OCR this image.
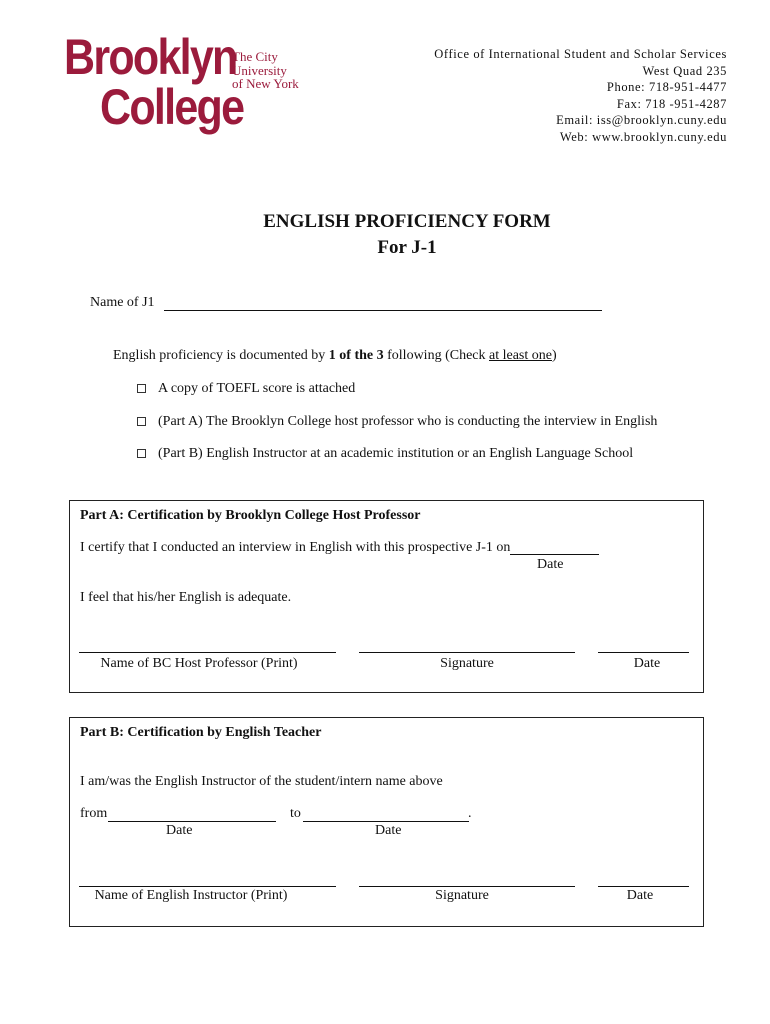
Brooklyn
College
The City
University
of New York
Office of International Student and Scholar Services
West Quad 235
Phone: 718-951-4477
Fax: 718 -951-4287
Email: iss@brooklyn.cuny.edu
Web: www.brooklyn.cuny.edu
ENGLISH PROFICIENCY FORM
For J-1
Name of J1
English proficiency is documented by 1 of the 3 following (Check at least one)
A copy of TOEFL score is attached
(Part A) The Brooklyn College host professor who is conducting the interview in English
(Part B) English Instructor at an academic institution or an English Language School
Part A: Certification by Brooklyn College Host Professor
I certify that I conducted an interview in English with this prospective J-1 on
Date
I feel that his/her English is adequate.
Name of BC Host Professor (Print)	Signature	Date
Part B: Certification by English Teacher
I am/was the English Instructor of the student/intern name above
from	to	.
Date	Date
Name of English Instructor (Print)	Signature	Date
